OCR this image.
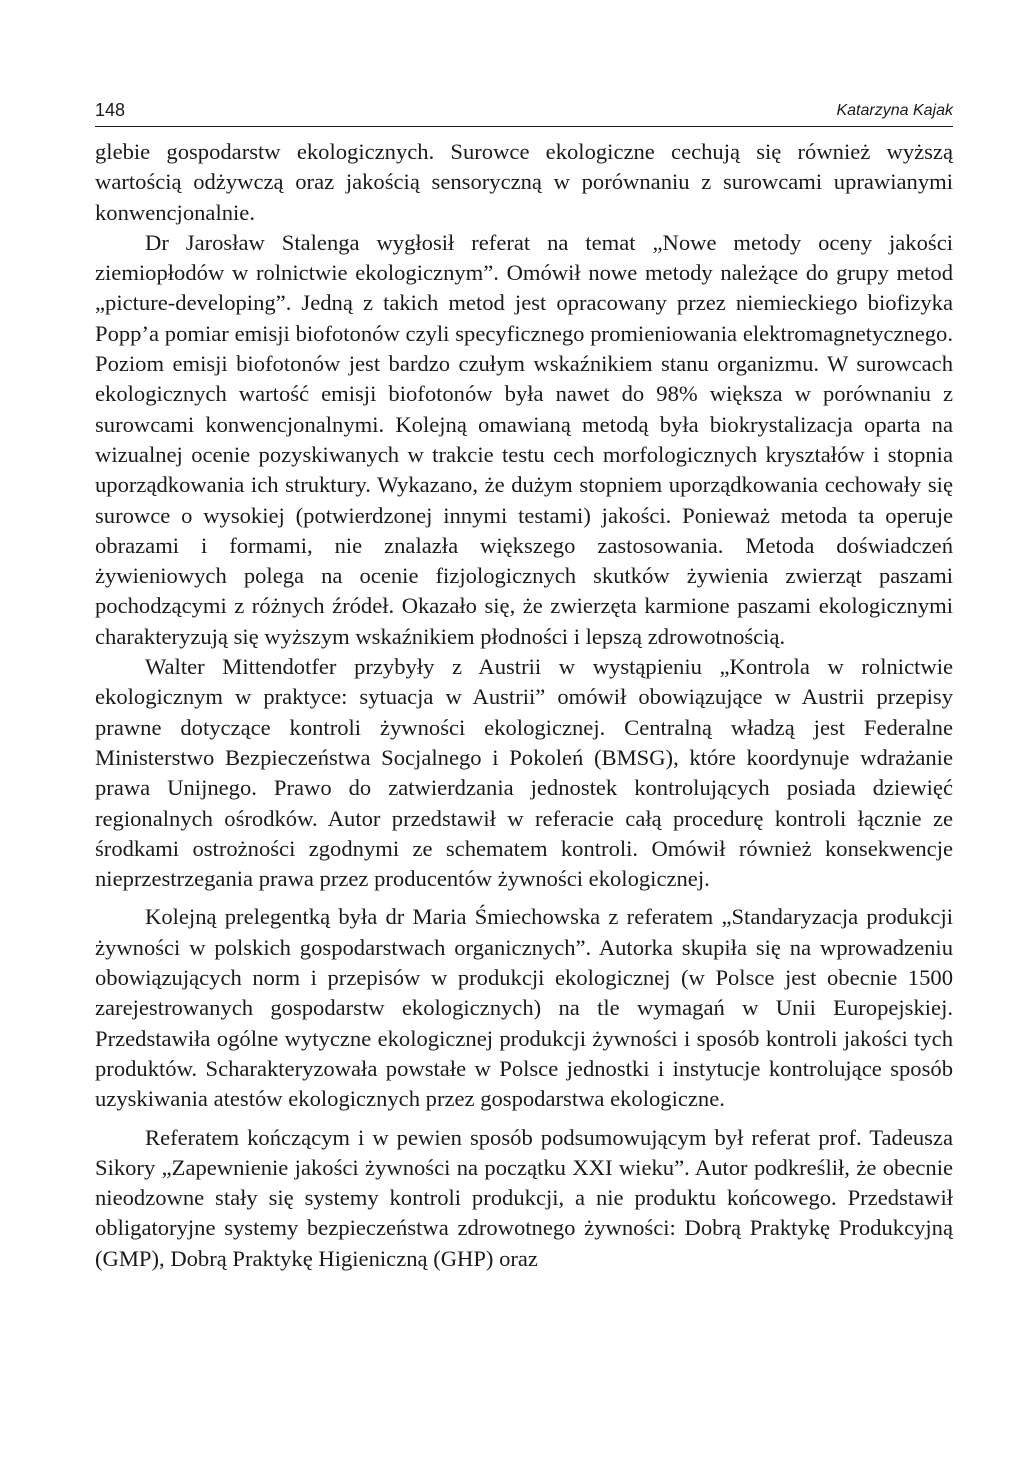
148	Katarzyna Kajak

glebie gospodarstw ekologicznych. Surowce ekologiczne cechują się również wyższą wartością odżywczą oraz jakością sensoryczną w porównaniu z surowcami uprawianymi konwencjonalnie.

Dr Jarosław Stalenga wygłosił referat na temat „Nowe metody oceny jakości ziemiopłodów w rolnictwie ekologicznym”. Omówił nowe metody należące do grupy metod „picture-developing”. Jedną z takich metod jest opracowany przez niemieckiego biofizyka Popp’a pomiar emisji biofotonów czyli specyficznego promieniowania elektromagnetycznego. Poziom emisji biofotonów jest bardzo czułym wskaźnikiem stanu organizmu. W surowcach ekologicznych wartość emisji biofotonów była nawet do 98% większa w porównaniu z surowcami konwencjonalnymi. Kolejną omawianą metodą była biokrystalizacja oparta na wizualnej ocenie pozyskiwanych w trakcie testu cech morfologicznych kryształów i stopnia uporządkowania ich struktury. Wykazano, że dużym stopniem uporządkowania cechowały się surowce o wysokiej (potwierdzonej innymi testami) jakości. Ponieważ metoda ta operuje obrazami i formami, nie znalazła większego zastosowania. Metoda doświadczeń żywieniowych polega na ocenie fizjologicznych skutków żywienia zwierząt paszami pochodzącymi z różnych źródeł. Okazało się, że zwierzęta karmione paszami ekologicznymi charakteryzują się wyższym wskaźnikiem płodności i lepszą zdrowotnością.

Walter Mittendotfer przybyły z Austrii w wystąpieniu „Kontrola w rolnictwie ekologicznym w praktyce: sytuacja w Austrii” omówił obowiązujące w Austrii przepisy prawne dotyczące kontroli żywności ekologicznej. Centralną władzą jest Federalne Ministerstwo Bezpieczeństwa Socjalnego i Pokoleń (BMSG), które koordynuje wdrażanie prawa Unijnego. Prawo do zatwierdzania jednostek kontrolujących posiada dziewięć regionalnych ośrodków. Autor przedstawił w referacie całą procedurę kontroli łącznie ze środkami ostrożności zgodnymi ze schematem kontroli. Omówił również konsekwencje nieprzestrzegania prawa przez producentów żywności ekologicznej.

Kolejną prelegentką była dr Maria Śmiechowska z referatem „Standaryzacja produkcji żywności w polskich gospodarstwach organicznych”. Autorka skupiła się na wprowadzeniu obowiązujących norm i przepisów w produkcji ekologicznej (w Polsce jest obecnie 1500 zarejestrowanych gospodarstw ekologicznych) na tle wymagań w Unii Europejskiej. Przedstawiła ogólne wytyczne ekologicznej produkcji żywności i sposób kontroli jakości tych produktów. Scharakteryzowała powstałe w Polsce jednostki i instytucje kontrolujące sposób uzyskiwania atestów ekologicznych przez gospodarstwa ekologiczne.

Referatem kończącym i w pewien sposób podsumowującym był referat prof. Tadeusza Sikory „Zapewnienie jakości żywności na początku XXI wieku”. Autor podkreślił, że obecnie nieodzowne stały się systemy kontroli produkcji, a nie produktu końcowego. Przedstawił obligatoryjne systemy bezpieczeństwa zdrowotnego żywności: Dobrą Praktykę Produkcyjną (GMP), Dobrą Praktykę Higieniczną (GHP) oraz
